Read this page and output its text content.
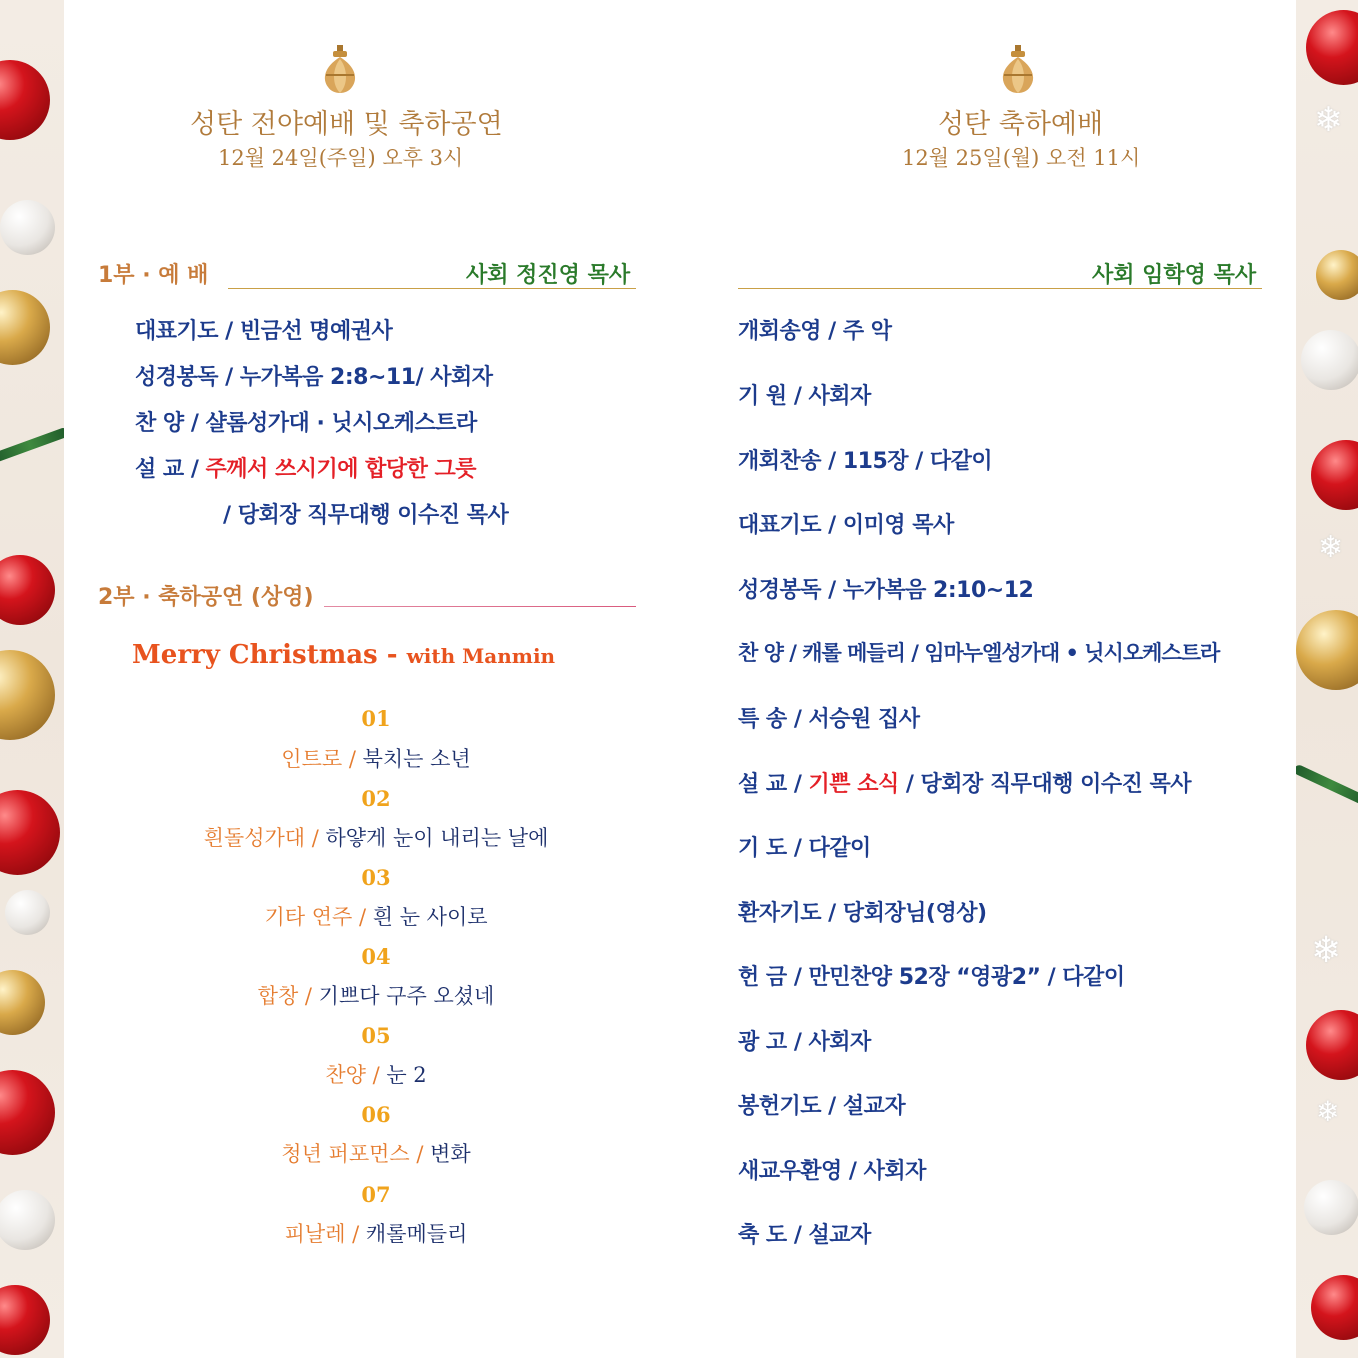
❄
❄
❄
❄
성탄 전야예배 및 축하공연
12월 24일(주일) 오후 3시
1부 · 예 배	사회 정진영 목사
대표기도 / 빈금선 명예권사
성경봉독 / 누가복음 2:8~11/ 사회자
찬 양 / 샬롬성가대 · 닛시오케스트라
설 교 / 주께서 쓰시기에 합당한 그릇
/ 당회장 직무대행 이수진 목사
2부 · 축하공연 (상영)
Merry Christmas - with Manmin
01
인트로 / 북치는 소년
02
흰돌성가대 / 하얗게 눈이 내리는 날에
03
기타 연주 / 흰 눈 사이로
04
합창 / 기쁘다 구주 오셨네
05
찬양 / 눈 2
06
청년 퍼포먼스 / 변화
07
피날레 / 캐롤메들리
성탄 축하예배
12월 25일(월) 오전 11시
사회 임학영 목사
개회송영 / 주 악
기 원 / 사회자
개회찬송 / 115장 / 다같이
대표기도 / 이미영 목사
성경봉독 / 누가복음 2:10~12
찬 양 / 캐롤 메들리 / 임마누엘성가대 • 닛시오케스트라
특 송 / 서승원 집사
설 교 / 기쁜 소식 / 당회장 직무대행 이수진 목사
기 도 / 다같이
환자기도 / 당회장님(영상)
헌 금 / 만민찬양 52장 “영광2” / 다같이
광 고 / 사회자
봉헌기도 / 설교자
새교우환영 / 사회자
축 도 / 설교자
